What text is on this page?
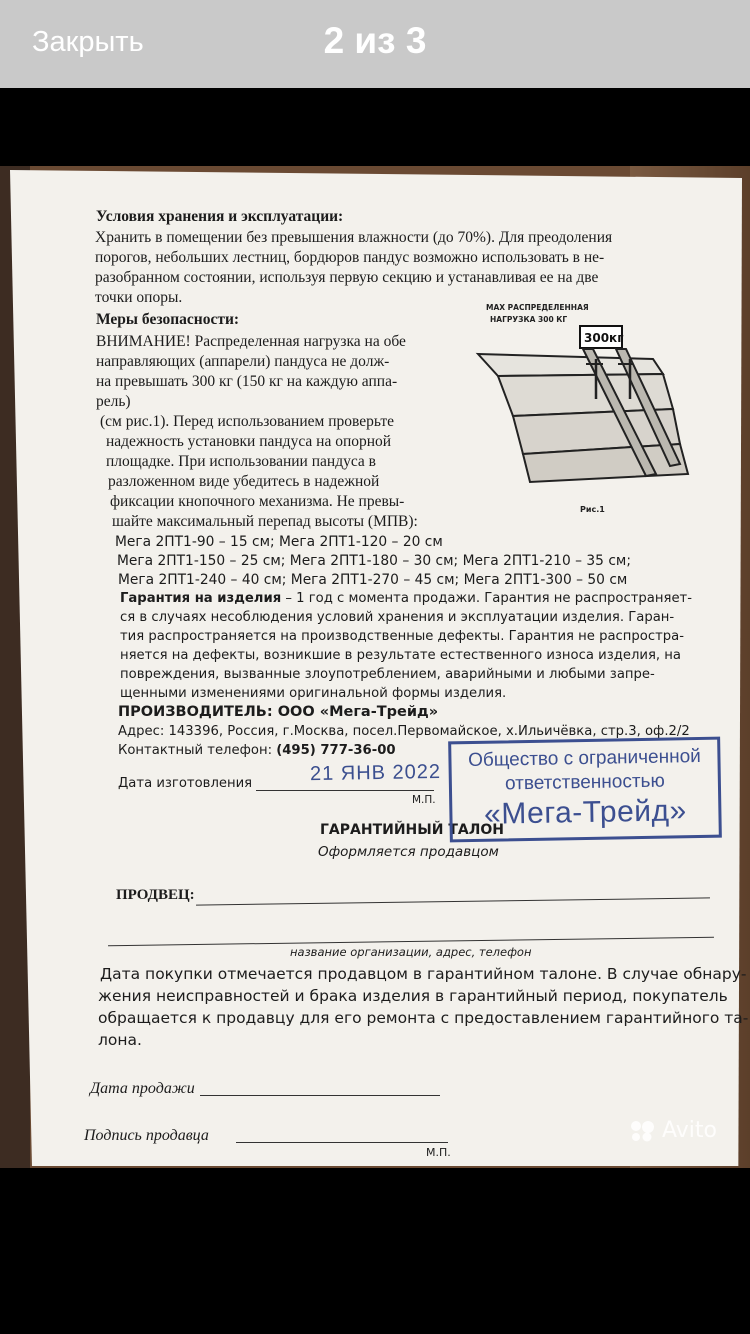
Закрыть	2 из 3
Условия хранения и эксплуатации:
Хранить в помещении без превышения влажности (до 70%). Для преодоления
порогов, небольших лестниц, бордюров пандус возможно использовать в не-
разобранном состоянии, используя первую секцию и устанавливая ее на две
точки опоры.
Меры безопасности:
ВНИМАНИЕ! Распределенная нагрузка на обе
направляющих (аппарели) пандуса не долж-
на превышать 300 кг (150 кг на каждую аппа-
рель)
(см рис.1). Перед использованием проверьте
надежность установки пандуса на опорной
площадке. При использовании пандуса в
разложенном виде убедитесь в надежной
фиксации кнопочного механизма. Не превы-
шайте максимальный перепад высоты (МПВ):
Мега 2ПТ1-90 – 15 см; Мега 2ПТ1-120 – 20 см
Мега 2ПТ1-150 – 25 см; Мега 2ПТ1-180 – 30 см; Мега 2ПТ1-210 – 35 см;
Мега 2ПТ1-240 – 40 см; Мега 2ПТ1-270 – 45 см; Мега 2ПТ1-300 – 50 см
Гарантия на изделия – 1 год с момента продажи. Гарантия не распространяет-
ся в случаях несоблюдения условий хранения и эксплуатации изделия. Гаран-
тия распространяется на производственные дефекты. Гарантия не распростра-
няется на дефекты, возникшие в результате естественного износа изделия, на
повреждения, вызванные злоупотреблением, аварийными и любыми запре-
щенными изменениями оригинальной формы изделия.
ПРОИЗВОДИТЕЛЬ: ООО «Мега-Трейд»
Адрес: 143396, Россия, г.Москва, посел.Первомайское, х.Ильичёвка, стр.3, оф.2/2
Контактный телефон: (495) 777-36-00
Дата изготовления	21 ЯНВ 2022
М.П.
ГАРАНТИЙНЫЙ ТАЛОН
Оформляется продавцом
ПРОДВЕЦ:
название организации, адрес, телефон
Дата покупки отмечается продавцом в гарантийном талоне. В случае обнару-
жения неисправностей и брака изделия в гарантийный период, покупатель
обращается к продавцу для его ремонта с предоставлением гарантийного та-
лона.
Дата продажи
Подпись продавца
М.П.
MAX РАСПРЕДЕЛЕННАЯ
НАГРУЗКА 300 КГ
300кг
Рис.1
Общество с ограниченной
ответственностью
«Мега-Трейд»
Avito
